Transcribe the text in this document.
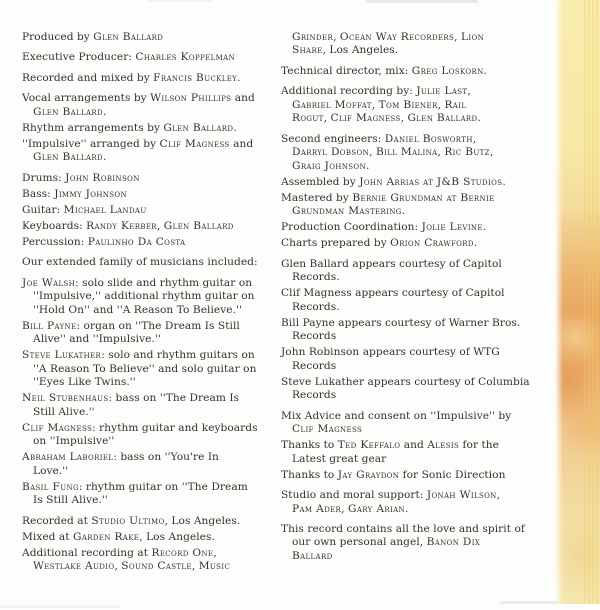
Produced by Glen Ballard
Executive Producer: Charles Koppelman
Recorded and mixed by Francis Buckley.
Vocal arrangements by Wilson Phillips and
Glen Ballard.
Rhythm arrangements by Glen Ballard.
''Impulsive'' arranged by Clif Magness and
Glen Ballard.
Drums: John Robinson
Bass: Jimmy Johnson
Guitar: Michael Landau
Keyboards: Randy Kerber, Glen Ballard
Percussion: Paulinho Da Costa
Our extended family of musicians included:
Joe Walsh: solo slide and rhythm guitar on
''Impulsive,'' additional rhythm guitar on
''Hold On'' and ''A Reason To Believe.''
Bill Payne: organ on ''The Dream Is Still
Alive'' and ''Impulsive.''
Steve Lukather: solo and rhythm guitars on
''A Reason To Believe'' and solo guitar on
''Eyes Like Twins.''
Neil Stubenhaus: bass on ''The Dream Is
Still Alive.''
Clif Magness: rhythm guitar and keyboards
on ''Impulsive''
Abraham Laboriel: bass on ''You're In
Love.''
Basil Fung: rhythm guitar on ''The Dream
Is Still Alive.''
Recorded at Studio Ultimo, Los Angeles.
Mixed at Garden Rake, Los Angeles.
Additional recording at Record One,
Westlake Audio, Sound Castle, Music
Grinder, Ocean Way Recorders, Lion
Share, Los Angeles.
Technical director, mix: Greg Loskorn.
Additional recording by: Julie Last,
Gabriel Moffat, Tom Biener, Rail
Rogut, Clif Magness, Glen Ballard.
Second engineers: Daniel Bosworth,
Darryl Dobson, Bill Malina, Ric Butz,
Graig Johnson.
Assembled by John Arrias at J&B Studios.
Mastered by Bernie Grundman at Bernie
Grundman Mastering.
Production Coordination: Jolie Levine.
Charts prepared by Orion Crawford.
Glen Ballard appears courtesy of Capitol
Records.
Clif Magness appears courtesy of Capitol
Records.
Bill Payne appears courtesy of Warner Bros.
Records
John Robinson appears courtesy of WTG
Records
Steve Lukather appears courtesy of Columbia
Records
Mix Advice and consent on ''Impulsive'' by
Clif Magness
Thanks to Ted Keffalo and Alesis for the
Latest great gear
Thanks to Jay Graydon for Sonic Direction
Studio and moral support: Jonah Wilson,
Pam Ader, Gary Arian.
This record contains all the love and spirit of
our own personal angel, Banon Dix
Ballard
